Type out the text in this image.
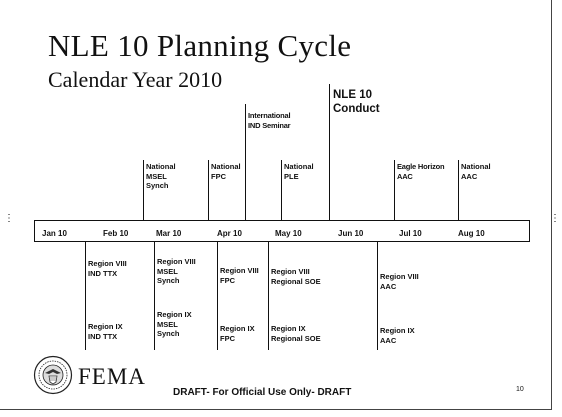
NLE 10 Planning Cycle
Calendar Year 2010
⋮	⋮
Jan 10	Feb 10	Mar 10	Apr 10	May 10	Jun 10	Jul 10	Aug 10
National
MSEL
Synch
National
FPC
International
IND Seminar
National
PLE
NLE 10
Conduct
Eagle Horizon
AAC
National
AAC
Region VIII
IND TTX
Region IX
IND TTX
Region VIII
MSEL
Synch
Region IX
MSEL
Synch
Region VIII
FPC
Region IX
FPC
Region VIII
Regional SOE
Region IX
Regional SOE
Region VIII
AAC
Region IX
AAC
FEMA
DRAFT- For Official Use Only- DRAFT	10
